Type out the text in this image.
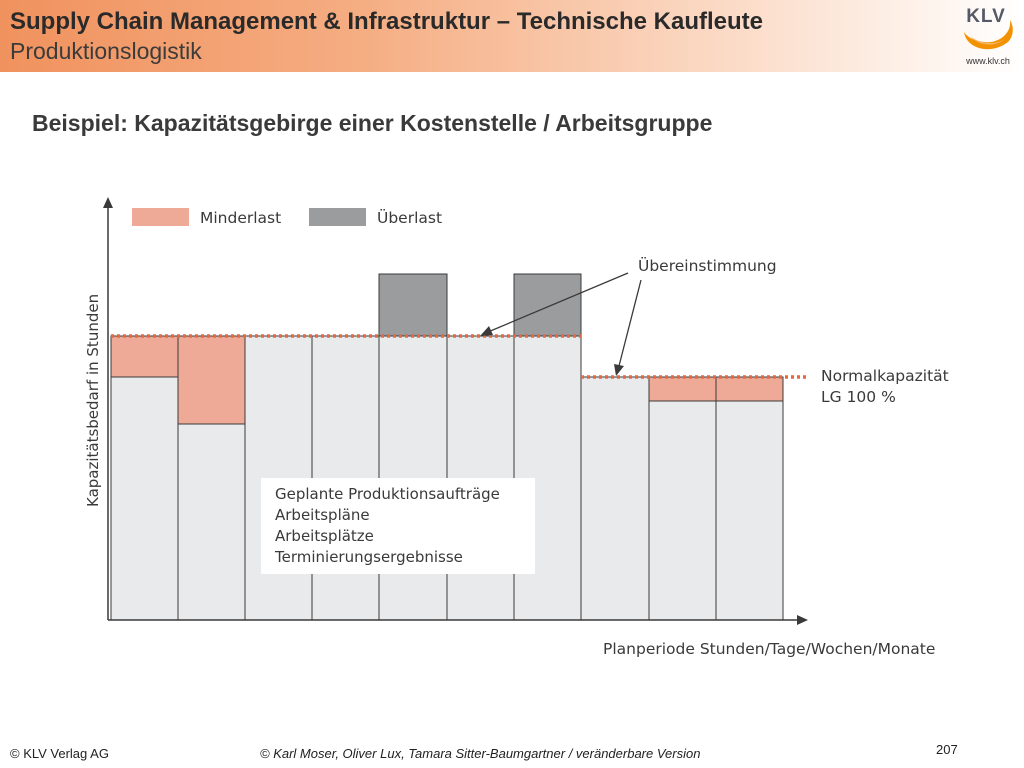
Supply Chain Management & Infrastruktur – Technische Kaufleute
Produktionslogistik
KLV
www.klv.ch
Beispiel: Kapazitätsgebirge einer Kostenstelle / Arbeitsgruppe
Minderlast	Überlast
Übereinstimmung
Normalkapazität
LG 100 %
Kapazitätsbedarf in Stunden
Planperiode Stunden/Tage/Wochen/Monate
Geplante Produktionsaufträge
Arbeitspläne
Arbeitsplätze
Terminierungsergebnisse
© KLV Verlag AG	© Karl Moser, Oliver Lux, Tamara Sitter-Baumgartner / veränderbare Version	207
